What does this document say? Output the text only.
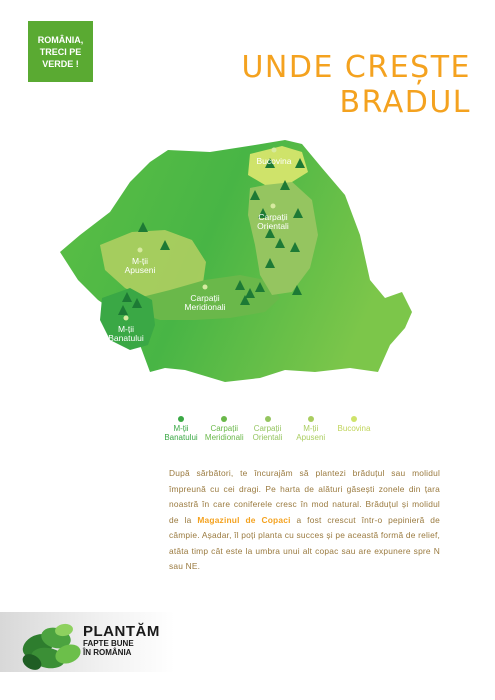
ROMÂNIA, TRECI PE VERDE !	UNDE CREȘTE
BRADUL
Bucovina
Carpații Orientali
M-ții Apuseni
Carpații Meridionali
M-ții Banatului
M-ții
Banatului
Carpații
Meridionali
Carpații
Orientali
M-ții
Apuseni
Bucovina
După sărbători, te încurajăm să plantezi brăduțul sau molidul împreună cu cei dragi. Pe harta de alături găsești zonele din țara noastră în care coniferele cresc în mod natural. Brăduțul și molidul de la Magazinul de Copaci a fost crescut într-o pepinieră de câmpie. Așadar, îl poți planta cu succes și pe această formă de relief, atâta timp cât este la umbra unui alt copac sau are expunere spre N sau NE.
PLANTĂM
FAPTE BUNE
ÎN ROMÂNIA
